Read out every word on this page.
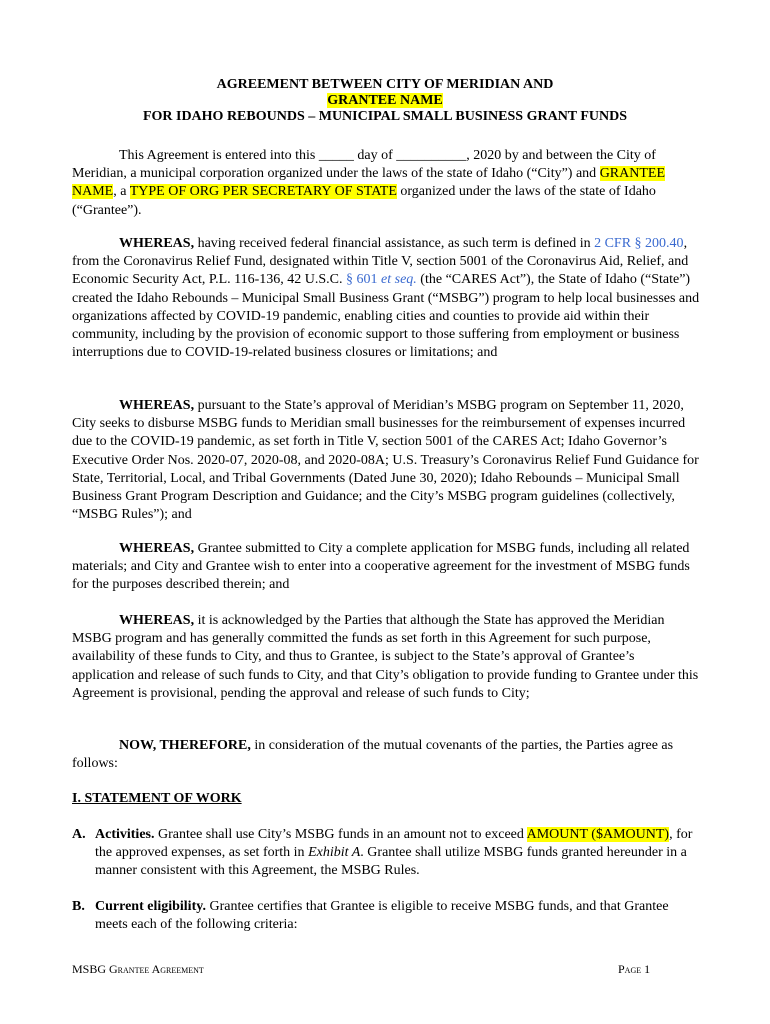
AGREEMENT BETWEEN CITY OF MERIDIAN AND
GRANTEE NAME
FOR IDAHO REBOUNDS – MUNICIPAL SMALL BUSINESS GRANT FUNDS
This Agreement is entered into this _____ day of __________, 2020 by and between the City of Meridian, a municipal corporation organized under the laws of the state of Idaho (“City”) and GRANTEE NAME, a TYPE OF ORG PER SECRETARY OF STATE organized under the laws of the state of Idaho (“Grantee”).
WHEREAS, having received federal financial assistance, as such term is defined in 2 CFR § 200.40, from the Coronavirus Relief Fund, designated within Title V, section 5001 of the Coronavirus Aid, Relief, and Economic Security Act, P.L. 116-136, 42 U.S.C. § 601 et seq. (the “CARES Act”), the State of Idaho (“State”) created the Idaho Rebounds – Municipal Small Business Grant (“MSBG”) program to help local businesses and organizations affected by COVID-19 pandemic, enabling cities and counties to provide aid within their community, including by the provision of economic support to those suffering from employment or business interruptions due to COVID-19-related business closures or limitations; and
WHEREAS, pursuant to the State’s approval of Meridian’s MSBG program on September 11, 2020, City seeks to disburse MSBG funds to Meridian small businesses for the reimbursement of expenses incurred due to the COVID-19 pandemic, as set forth in Title V, section 5001 of the CARES Act; Idaho Governor’s Executive Order Nos. 2020-07, 2020-08, and 2020-08A; U.S. Treasury’s Coronavirus Relief Fund Guidance for State, Territorial, Local, and Tribal Governments (Dated June 30, 2020); Idaho Rebounds – Municipal Small Business Grant Program Description and Guidance; and the City’s MSBG program guidelines (collectively, “MSBG Rules”); and
WHEREAS, Grantee submitted to City a complete application for MSBG funds, including all related materials; and City and Grantee wish to enter into a cooperative agreement for the investment of MSBG funds for the purposes described therein; and
WHEREAS, it is acknowledged by the Parties that although the State has approved the Meridian MSBG program and has generally committed the funds as set forth in this Agreement for such purpose, availability of these funds to City, and thus to Grantee, is subject to the State’s approval of Grantee’s application and release of such funds to City, and that City’s obligation to provide funding to Grantee under this Agreement is provisional, pending the approval and release of such funds to City;
NOW, THEREFORE, in consideration of the mutual covenants of the parties, the Parties agree as follows:
I. STATEMENT OF WORK
A. Activities. Grantee shall use City’s MSBG funds in an amount not to exceed AMOUNT ($AMOUNT), for the approved expenses, as set forth in Exhibit A. Grantee shall utilize MSBG funds granted hereunder in a manner consistent with this Agreement, the MSBG Rules.
B. Current eligibility. Grantee certifies that Grantee is eligible to receive MSBG funds, and that Grantee meets each of the following criteria:
MSBG Grantee Agreement	Page 1
